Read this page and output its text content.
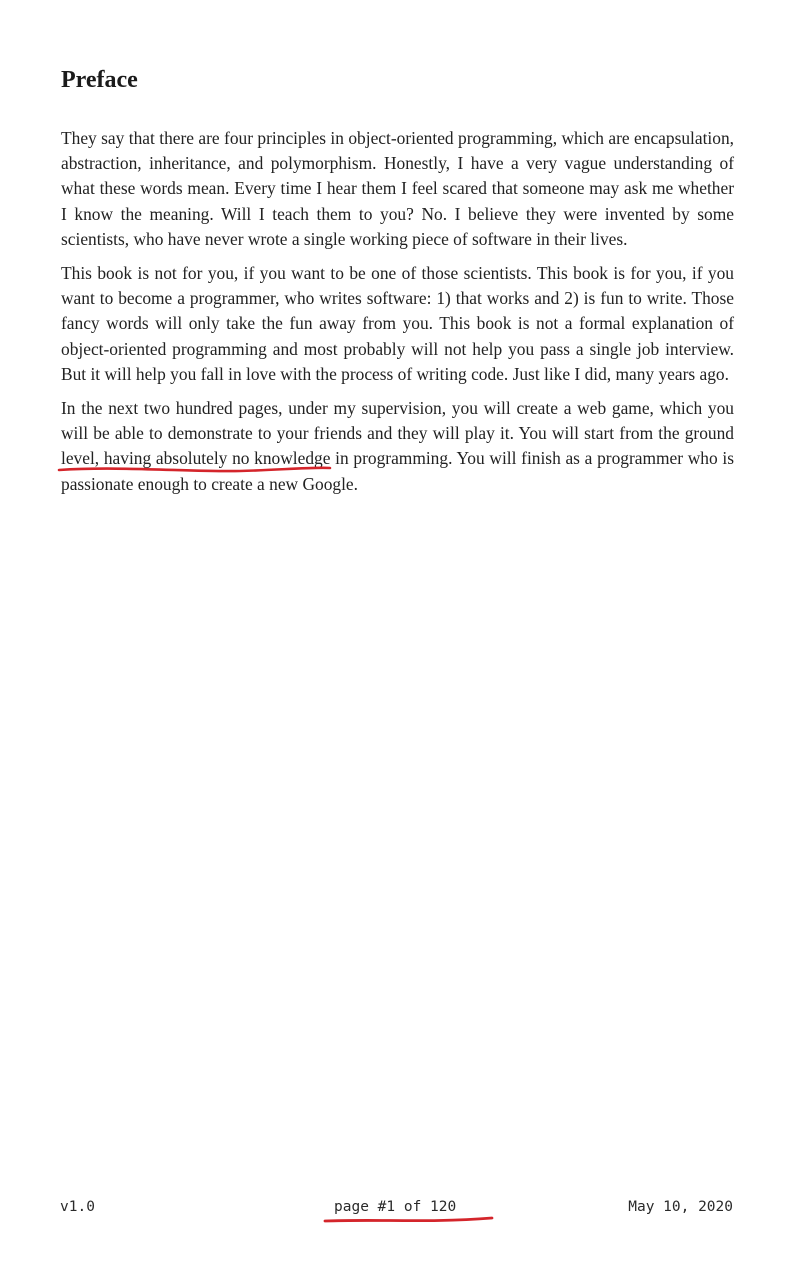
Preface

They say that there are four principles in object-oriented programming, which are encapsulation, abstraction, inheritance, and polymorphism. Honestly, I have a very vague understanding of what these words mean. Every time I hear them I feel scared that someone may ask me whether I know the meaning. Will I teach them to you? No. I believe they were invented by some scientists, who have never wrote a single working piece of software in their lives.

This book is not for you, if you want to be one of those scientists. This book is for you, if you want to become a programmer, who writes software: 1) that works and 2) is fun to write. Those fancy words will only take the fun away from you. This book is not a formal explanation of object-oriented programming and most probably will not help you pass a single job interview. But it will help you fall in love with the process of writing code. Just like I did, many years ago.

In the next two hundred pages, under my supervision, you will create a web game, which you will be able to demonstrate to your friends and they will play it. You will start from the ground level, having absolutely no knowledge in programming. You will finish as a programmer who is passionate enough to create a new Google.

v1.0	page #1 of 120	May 10, 2020
